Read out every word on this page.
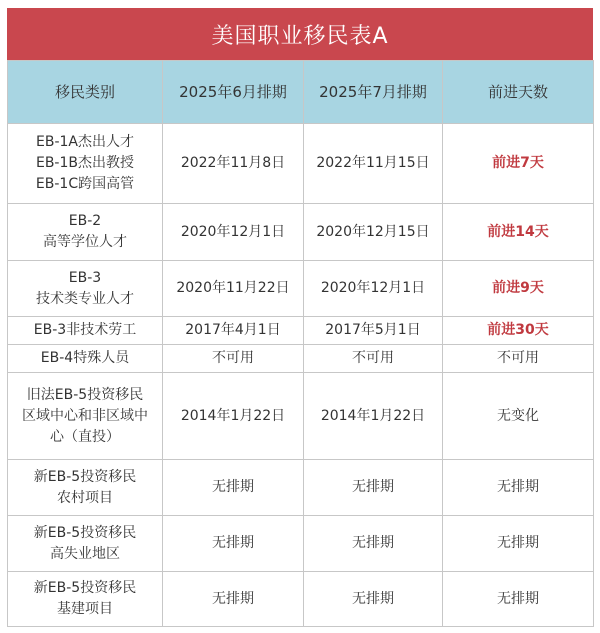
美国职业移民表A
移民类别	2025年6月排期	2025年7月排期	前进天数

EB-1A杰出人才
EB-1B杰出教授
EB-1C跨国高管	2022年11月8日	2022年11月15日	前进7天

EB-2
高等学位人才	2020年12月1日	2020年12月15日	前进14天

EB-3
技术类专业人才	2020年11月22日	2020年12月1日	前进9天

EB-3非技术劳工	2017年4月1日	2017年5月1日	前进30天

EB-4特殊人员	不可用	不可用	不可用

旧法EB-5投资移民
区域中心和非区域中
心（直投）	2014年1月22日	2014年1月22日	无变化

新EB-5投资移民
农村项目	无排期	无排期	无排期

新EB-5投资移民
高失业地区	无排期	无排期	无排期

新EB-5投资移民
基建项目	无排期	无排期	无排期
